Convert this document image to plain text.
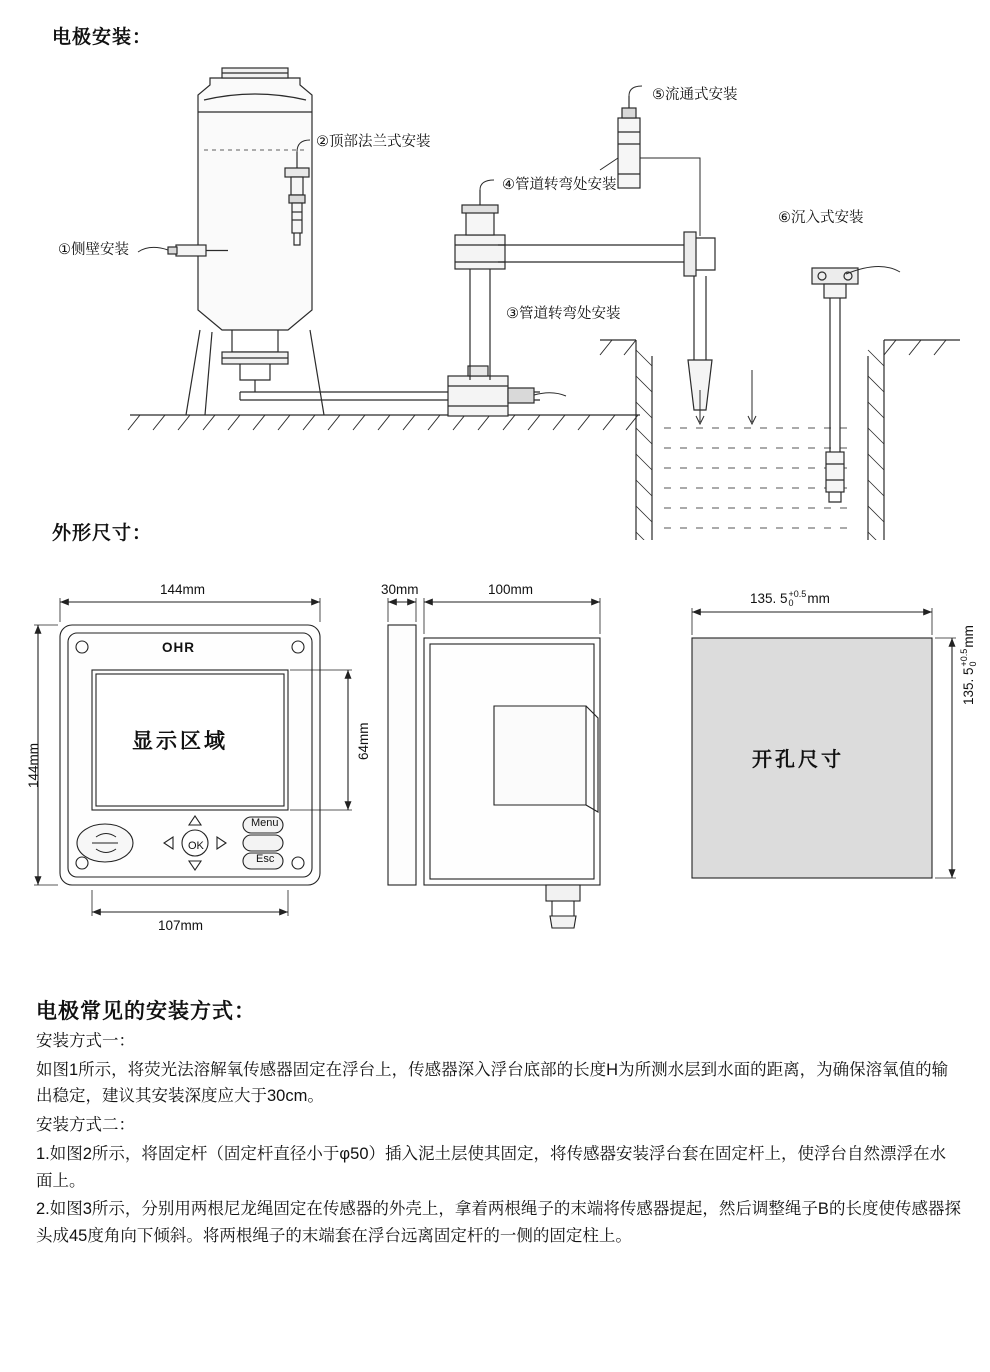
电极安装：
外形尺寸：
电极常见的安装方式：
①侧壁安装
②顶部法兰式安装
③管道转弯处安装
④管道转弯处安装
⑤流通式安装
⑥沉入式安装
144mm
144mm
107mm
64mm
OHR
显示区域
OK
Menu
Esc
30mm	100mm
135. 5 +0.5
0	mm
135. 5
+0.5 0
mm
开孔尺寸

安装方式一：

如图1所示，将荧光法溶解氧传感器固定在浮台上，传感器深入浮台底部的长度H为所测水层到水面的距离，为确保溶氧值的输出稳定，建议其安装深度应大于30cm。

安装方式二：

1.如图2所示，将固定杆（固定杆直径小于φ50）插入泥土层使其固定，将传感器安装浮台套在固定杆上，使浮台自然漂浮在水面上。

2.如图3所示，分别用两根尼龙绳固定在传感器的外壳上，拿着两根绳子的末端将传感器提起，然后调整绳子B的长度使传感器探头成45度角向下倾斜。将两根绳子的末端套在浮台远离固定杆的一侧的固定柱上。
